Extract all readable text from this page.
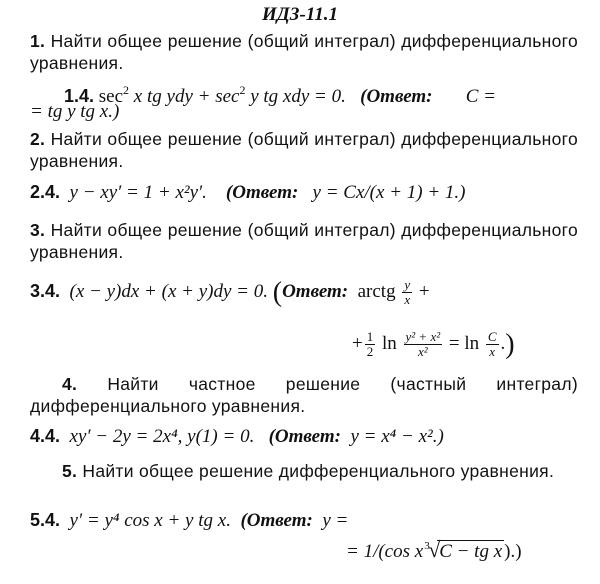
ИДЗ-11.1
1. Найти общее решение (общий интеграл) дифференциального уравнения.
1.4. $\sec^2 x$ tg ydy + $\sec^2 y$ tg xdy = 0. (Ответ: C =
= tg y tg x.)
2. Найти общее решение (общий интеграл) дифференциального уравнения.
2.4. y − xy′ = 1 + x²y′. (Ответ: y = Cx/(x + 1) + 1.)
3. Найти общее решение (общий интеграл) дифференциального уравнения.
3.4. (x − y)dx + (x + y)dy = 0. (Ответ: arctg $\frac{y}{x}$ +
+ $\frac{1}{2}$ $\ln \frac{\text{y² + x²}}{\text{x²}} = \ln \frac{C}{x}$ .)
4. Найти частное решение (частный интеграл) дифференциального уравнения.
4.4. xy′ − 2y = 2x⁴, y(1) = 0. (Ответ: y = x⁴ − x².)
5. Найти общее решение дифференциального уравнения.
5.4. y′ = y⁴ cos x + y tg x. (Ответ: y =
= 1/(cos x 3
√
C − tg x ).)
